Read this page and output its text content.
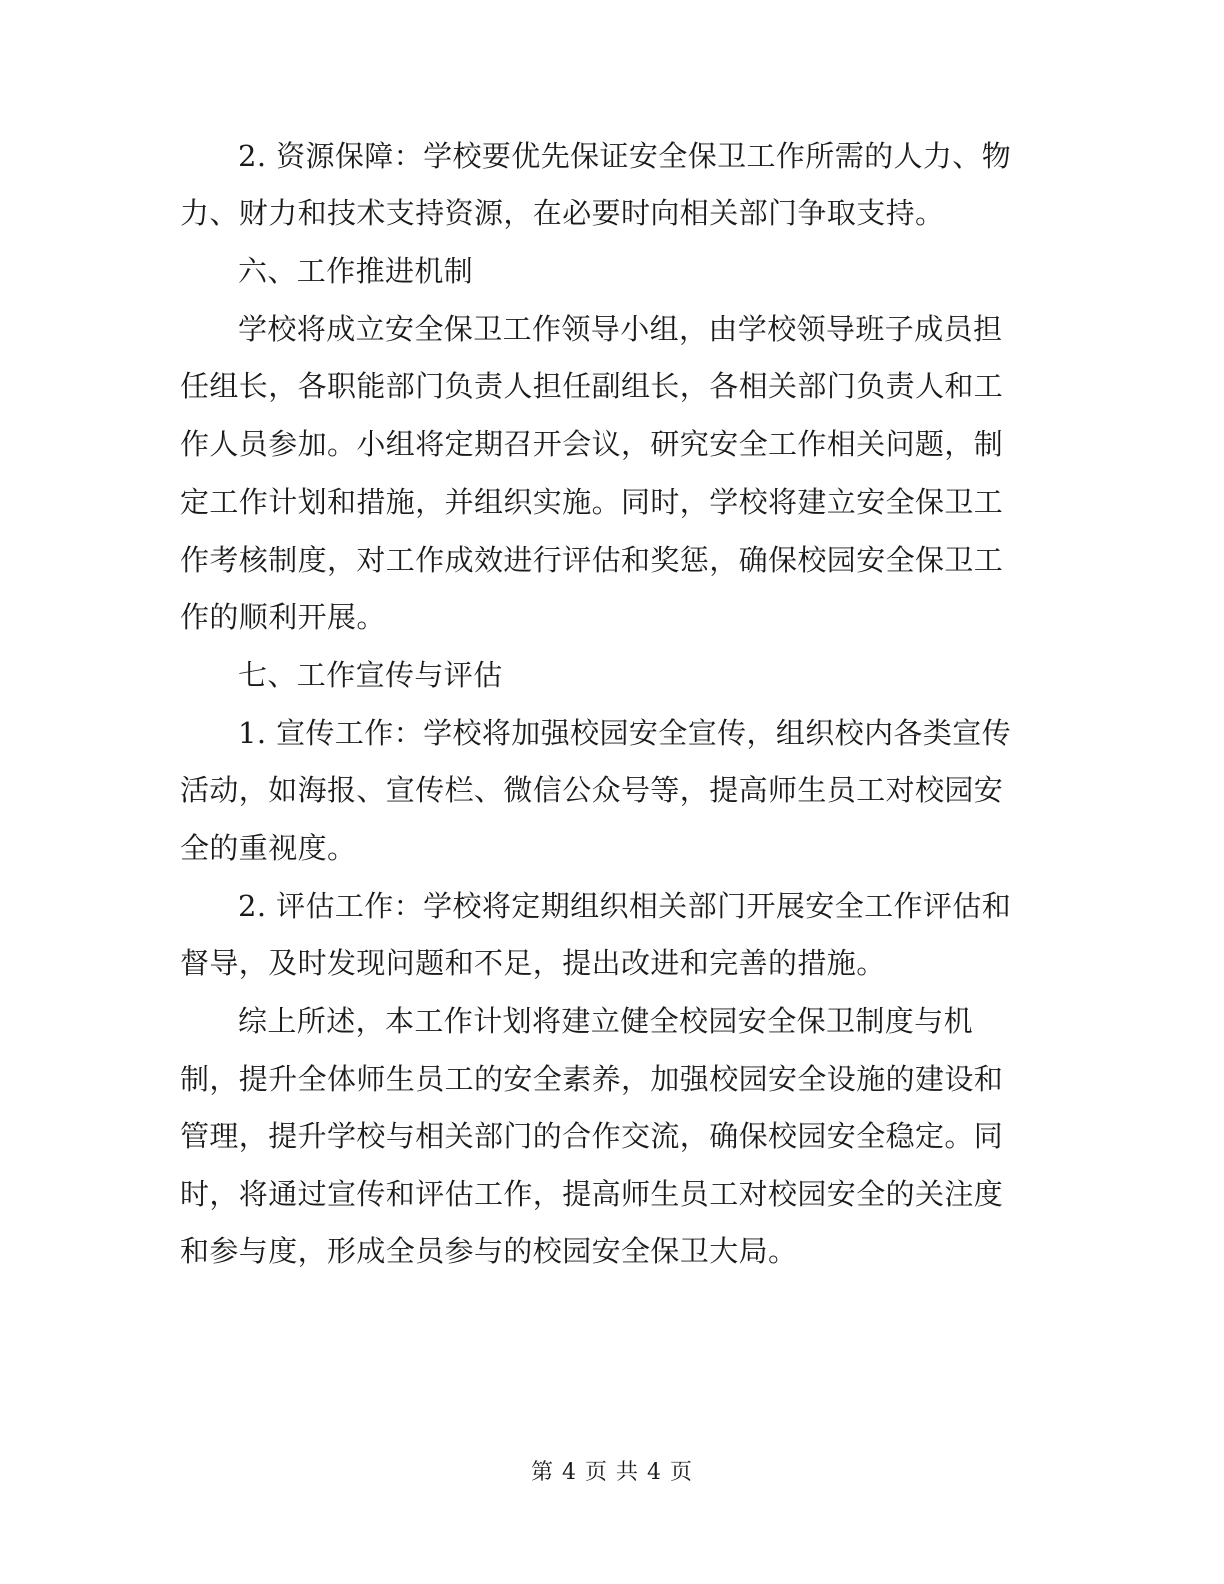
2. 资源保障：学校要优先保证安全保卫工作所需的人力、物
力、财力和技术支持资源，在必要时向相关部门争取支持。
六、工作推进机制
学校将成立安全保卫工作领导小组，由学校领导班子成员担
任组长，各职能部门负责人担任副组长，各相关部门负责人和工
作人员参加。小组将定期召开会议，研究安全工作相关问题，制
定工作计划和措施，并组织实施。同时，学校将建立安全保卫工
作考核制度，对工作成效进行评估和奖惩，确保校园安全保卫工
作的顺利开展。
七、工作宣传与评估
1. 宣传工作：学校将加强校园安全宣传，组织校内各类宣传
活动，如海报、宣传栏、微信公众号等，提高师生员工对校园安
全的重视度。
2. 评估工作：学校将定期组织相关部门开展安全工作评估和
督导，及时发现问题和不足，提出改进和完善的措施。
综上所述，本工作计划将建立健全校园安全保卫制度与机
制，提升全体师生员工的安全素养，加强校园安全设施的建设和
管理，提升学校与相关部门的合作交流，确保校园安全稳定。同
时，将通过宣传和评估工作，提高师生员工对校园安全的关注度
和参与度，形成全员参与的校园安全保卫大局。
第 4 页 共 4 页
